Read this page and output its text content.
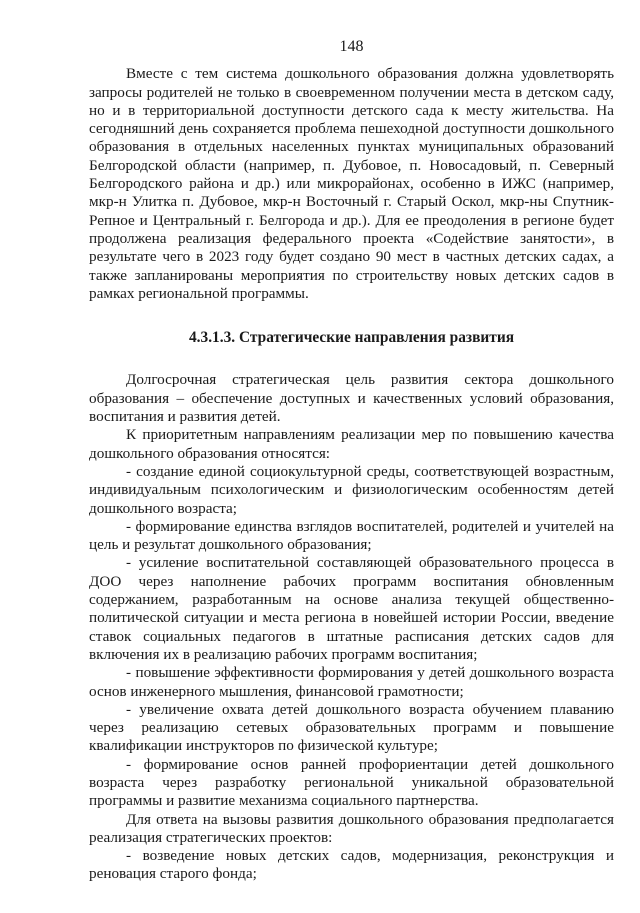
148

Вместе с тем система дошкольного образования должна удовлетворять запросы родителей не только в своевременном получении места в детском саду, но и в территориальной доступности детского сада к месту жительства. На сегодняшний день сохраняется проблема пешеходной доступности дошкольного образования в отдельных населенных пунктах муниципальных образований Белгородской области (например, п. Дубовое, п. Новосадовый, п. Северный Белгородского района и др.) или микрорайонах, особенно в ИЖС (например, мкр-н Улитка п. Дубовое, мкр-н Восточный г. Старый Оскол, мкр-ны Спутник-Репное и Центральный г. Белгорода и др.). Для ее преодоления в регионе будет продолжена реализация федерального проекта «Содействие занятости», в результате чего в 2023 году будет создано 90 мест в частных детских садах, а также запланированы мероприятия по строительству новых детских садов в рамках региональной программы.

4.3.1.3. Стратегические направления развития

Долгосрочная стратегическая цель развития сектора дошкольного образования – обеспечение доступных и качественных условий образования, воспитания и развития детей.

К приоритетным направлениям реализации мер по повышению качества дошкольного образования относятся:

- создание единой социокультурной среды, соответствующей возрастным, индивидуальным психологическим и физиологическим особенностям детей дошкольного возраста;

- формирование единства взглядов воспитателей, родителей и учителей на цель и результат дошкольного образования;

- усиление воспитательной составляющей образовательного процесса в ДОО через наполнение рабочих программ воспитания обновленным содержанием, разработанным на основе анализа текущей общественно-политической ситуации и места региона в новейшей истории России, введение ставок социальных педагогов в штатные расписания детских садов для включения их в реализацию рабочих программ воспитания;

- повышение эффективности формирования у детей дошкольного возраста основ инженерного мышления, финансовой грамотности;

- увеличение охвата детей дошкольного возраста обучением плаванию через реализацию сетевых образовательных программ и повышение квалификации инструкторов по физической культуре;

- формирование основ ранней профориентации детей дошкольного возраста через разработку региональной уникальной образовательной программы и развитие механизма социального партнерства.

Для ответа на вызовы развития дошкольного образования предполагается реализация стратегических проектов:

- возведение новых детских садов, модернизация, реконструкция и реновация старого фонда;
